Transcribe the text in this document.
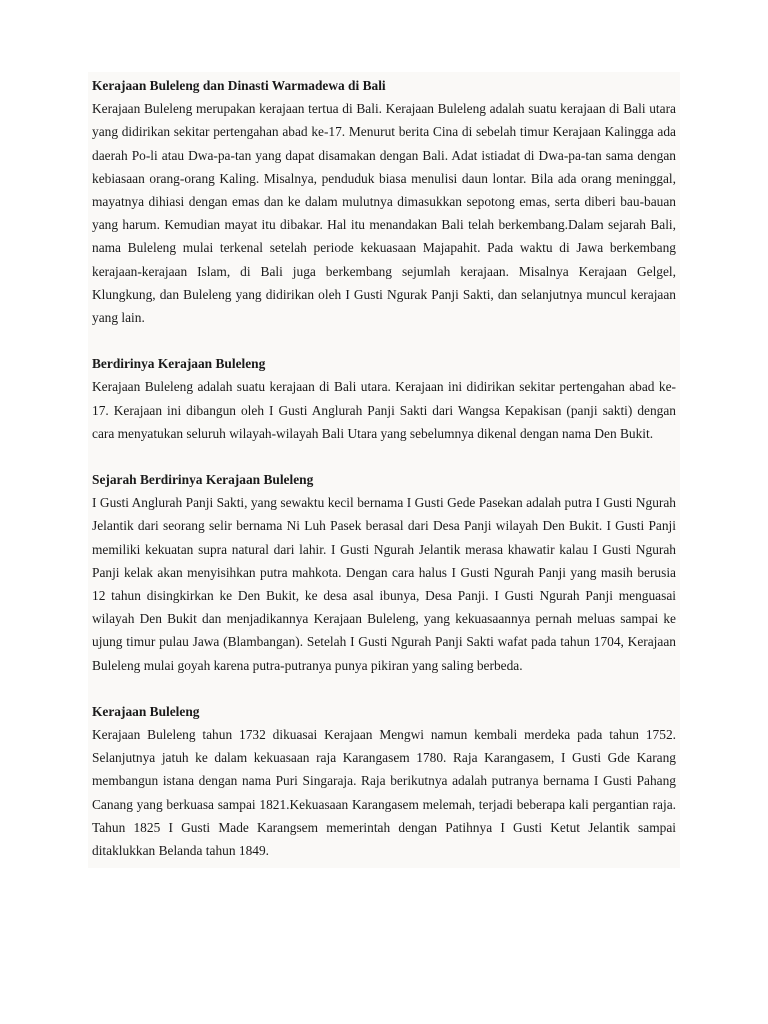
Kerajaan Buleleng dan Dinasti Warmadewa di Bali

Kerajaan Buleleng merupakan kerajaan tertua di Bali. Kerajaan Buleleng adalah suatu kerajaan di Bali utara yang didirikan sekitar pertengahan abad ke-17. Menurut berita Cina di sebelah timur Kerajaan Kalingga ada daerah Po-li atau Dwa-pa-tan yang dapat disamakan dengan Bali. Adat istiadat di Dwa-pa-tan sama dengan kebiasaan orang-orang Kaling. Misalnya, penduduk biasa menulisi daun lontar. Bila ada orang meninggal, mayatnya dihiasi dengan emas dan ke dalam mulutnya dimasukkan sepotong emas, serta diberi bau-bauan yang harum. Kemudian mayat itu dibakar. Hal itu menandakan Bali telah berkembang.Dalam sejarah Bali, nama Buleleng mulai terkenal setelah periode kekuasaan Majapahit. Pada waktu di Jawa berkembang kerajaan-kerajaan Islam, di Bali juga berkembang sejumlah kerajaan. Misalnya Kerajaan Gelgel, Klungkung, dan Buleleng yang didirikan oleh I Gusti Ngurak Panji Sakti, dan selanjutnya muncul kerajaan yang lain.

Berdirinya Kerajaan Buleleng

Kerajaan Buleleng adalah suatu kerajaan di Bali utara. Kerajaan ini didirikan sekitar pertengahan abad ke-17. Kerajaan ini dibangun oleh I Gusti Anglurah Panji Sakti dari Wangsa Kepakisan (panji sakti) dengan cara menyatukan seluruh wilayah-wilayah Bali Utara yang sebelumnya dikenal dengan nama Den Bukit.

Sejarah Berdirinya Kerajaan Buleleng

I Gusti Anglurah Panji Sakti, yang sewaktu kecil bernama I Gusti Gede Pasekan adalah putra I Gusti Ngurah Jelantik dari seorang selir bernama Ni Luh Pasek berasal dari Desa Panji wilayah Den Bukit. I Gusti Panji memiliki kekuatan supra natural dari lahir. I Gusti Ngurah Jelantik merasa khawatir kalau I Gusti Ngurah Panji kelak akan menyisihkan putra mahkota. Dengan cara halus I Gusti Ngurah Panji yang masih berusia 12 tahun disingkirkan ke Den Bukit, ke desa asal ibunya, Desa Panji. I Gusti Ngurah Panji menguasai wilayah Den Bukit dan menjadikannya Kerajaan Buleleng, yang kekuasaannya pernah meluas sampai ke ujung timur pulau Jawa (Blambangan). Setelah I Gusti Ngurah Panji Sakti wafat pada tahun 1704, Kerajaan Buleleng mulai goyah karena putra-putranya punya pikiran yang saling berbeda.

Kerajaan Buleleng

Kerajaan Buleleng tahun 1732 dikuasai Kerajaan Mengwi namun kembali merdeka pada tahun 1752. Selanjutnya jatuh ke dalam kekuasaan raja Karangasem 1780. Raja Karangasem, I Gusti Gde Karang membangun istana dengan nama Puri Singaraja. Raja berikutnya adalah putranya bernama I Gusti Pahang Canang yang berkuasa sampai 1821.Kekuasaan Karangasem melemah, terjadi beberapa kali pergantian raja. Tahun 1825 I Gusti Made Karangsem memerintah dengan Patihnya I Gusti Ketut Jelantik sampai ditaklukkan Belanda tahun 1849.
